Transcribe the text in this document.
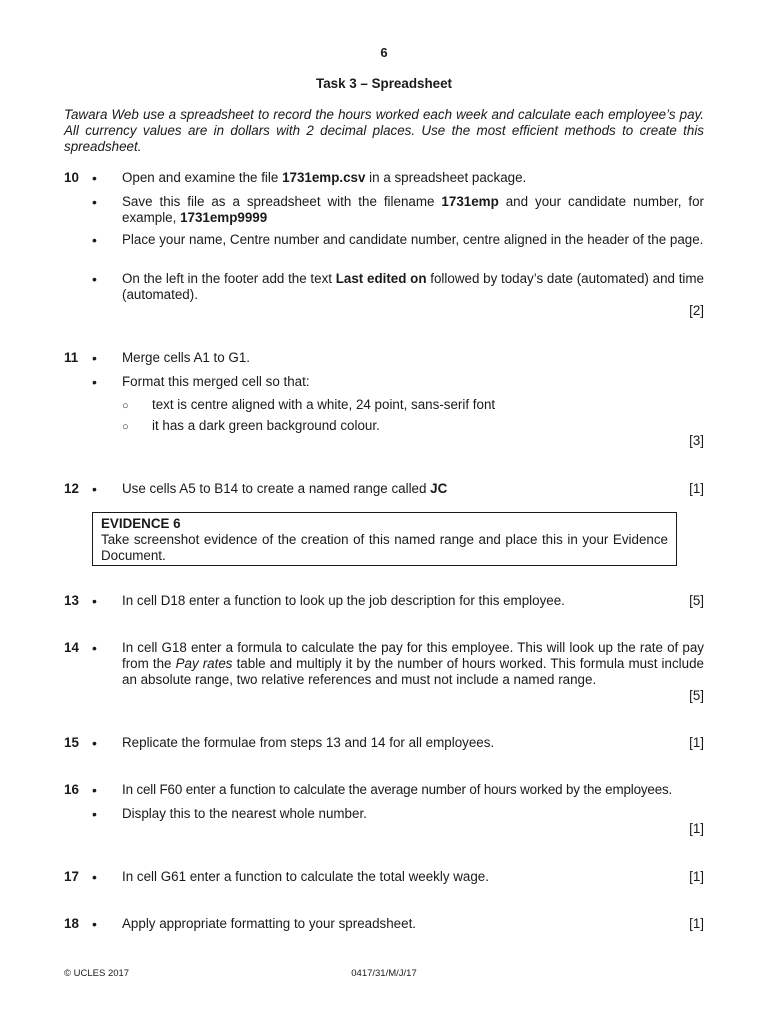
6
Task 3 – Spreadsheet
Tawara Web use a spreadsheet to record the hours worked each week and calculate each employee’s pay. All currency values are in dollars with 2 decimal places. Use the most efficient methods to create this spreadsheet.
10 • Open and examine the file 1731emp.csv in a spreadsheet package.
• Save this file as a spreadsheet with the filename 1731emp and your candidate number, for example, 1731emp9999
• Place your name, Centre number and candidate number, centre aligned in the header of the page.
• On the left in the footer add the text Last edited on followed by today’s date (automated) and time (automated).
[2]
11 • Merge cells A1 to G1.
• Format this merged cell so that:
○ text is centre aligned with a white, 24 point, sans-serif font
○ it has a dark green background colour.
[3]
12 • Use cells A5 to B14 to create a named range called JC	[1]
EVIDENCE 6
Take screenshot evidence of the creation of this named range and place this in your Evidence Document.
13 • In cell D18 enter a function to look up the job description for this employee.	[5]
14 • In cell G18 enter a formula to calculate the pay for this employee. This will look up the rate of pay from the Pay rates table and multiply it by the number of hours worked. This formula must include an absolute range, two relative references and must not include a named range.
[5]
15 • Replicate the formulae from steps 13 and 14 for all employees.	[1]
16 • In cell F60 enter a function to calculate the average number of hours worked by the employees.
• Display this to the nearest whole number.
[1]
17 • In cell G61 enter a function to calculate the total weekly wage.	[1]
18 • Apply appropriate formatting to your spreadsheet.	[1]
© UCLES 2017	0417/31/M/J/17
